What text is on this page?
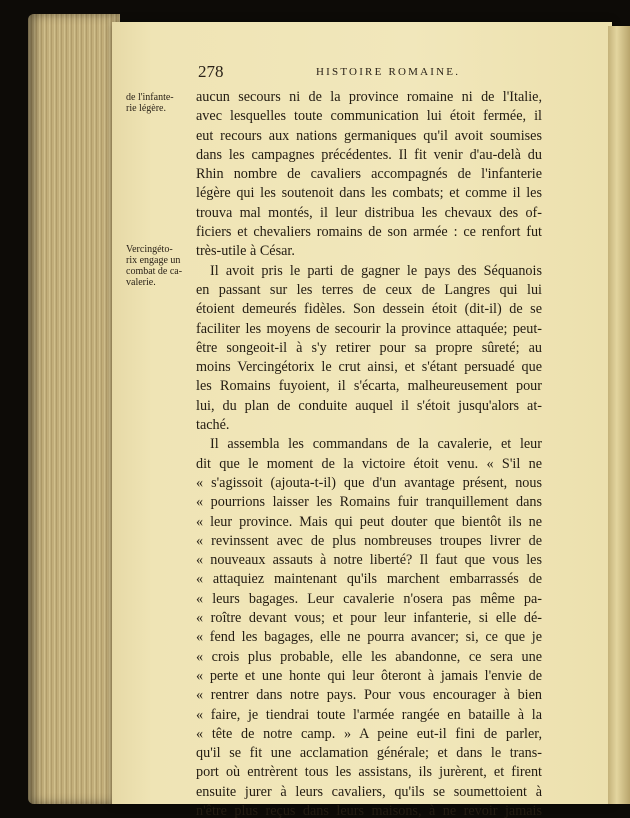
278	HISTOIRE ROMAINE.
de l'infante-
rie légère.
Vercingéto-
rix engage un
combat de ca-
valerie.

aucun secours ni de la province romaine ni de l'Italie,
avec lesquelles toute communication lui étoit fermée, il
eut recours aux nations germaniques qu'il avoit soumises
dans les campagnes précédentes. Il fit venir d'au-delà du
Rhin nombre de cavaliers accompagnés de l'infanterie
légère qui les soutenoit dans les combats; et comme il les
trouva mal montés, il leur distribua les chevaux des of-
ficiers et chevaliers romains de son armée : ce renfort fut
très-utile à César.

Il avoit pris le parti de gagner le pays des Séquanois
en passant sur les terres de ceux de Langres qui lui
étoient demeurés fidèles. Son dessein étoit (dit-il) de se
faciliter les moyens de secourir la province attaquée; peut-
être songeoit-il à s'y retirer pour sa propre sûreté; au
moins Vercingétorix le crut ainsi, et s'étant persuadé que
les Romains fuyoient, il s'écarta, malheureusement pour
lui, du plan de conduite auquel il s'étoit jusqu'alors at-
taché.

Il assembla les commandans de la cavalerie, et leur
dit que le moment de la victoire étoit venu. « S'il ne
« s'agissoit (ajouta-t-il) que d'un avantage présent, nous
« pourrions laisser les Romains fuir tranquillement dans
« leur province. Mais qui peut douter que bientôt ils ne
« revinssent avec de plus nombreuses troupes livrer de
« nouveaux assauts à notre liberté? Il faut que vous les
« attaquiez maintenant qu'ils marchent embarrassés de
« leurs bagages. Leur cavalerie n'osera pas même pa-
« roître devant vous; et pour leur infanterie, si elle dé-
« fend les bagages, elle ne pourra avancer; si, ce que je
« crois plus probable, elle les abandonne, ce sera une
« perte et une honte qui leur ôteront à jamais l'envie de
« rentrer dans notre pays. Pour vous encourager à bien
« faire, je tiendrai toute l'armée rangée en bataille à la
« tête de notre camp. » A peine eut-il fini de parler,
qu'il se fit une acclamation générale; et dans le trans-
port où entrèrent tous les assistans, ils jurèrent, et firent
ensuite jurer à leurs cavaliers, qu'ils se soumettoient à
n'être plus reçus dans leurs maisons, à ne revoir jamais
